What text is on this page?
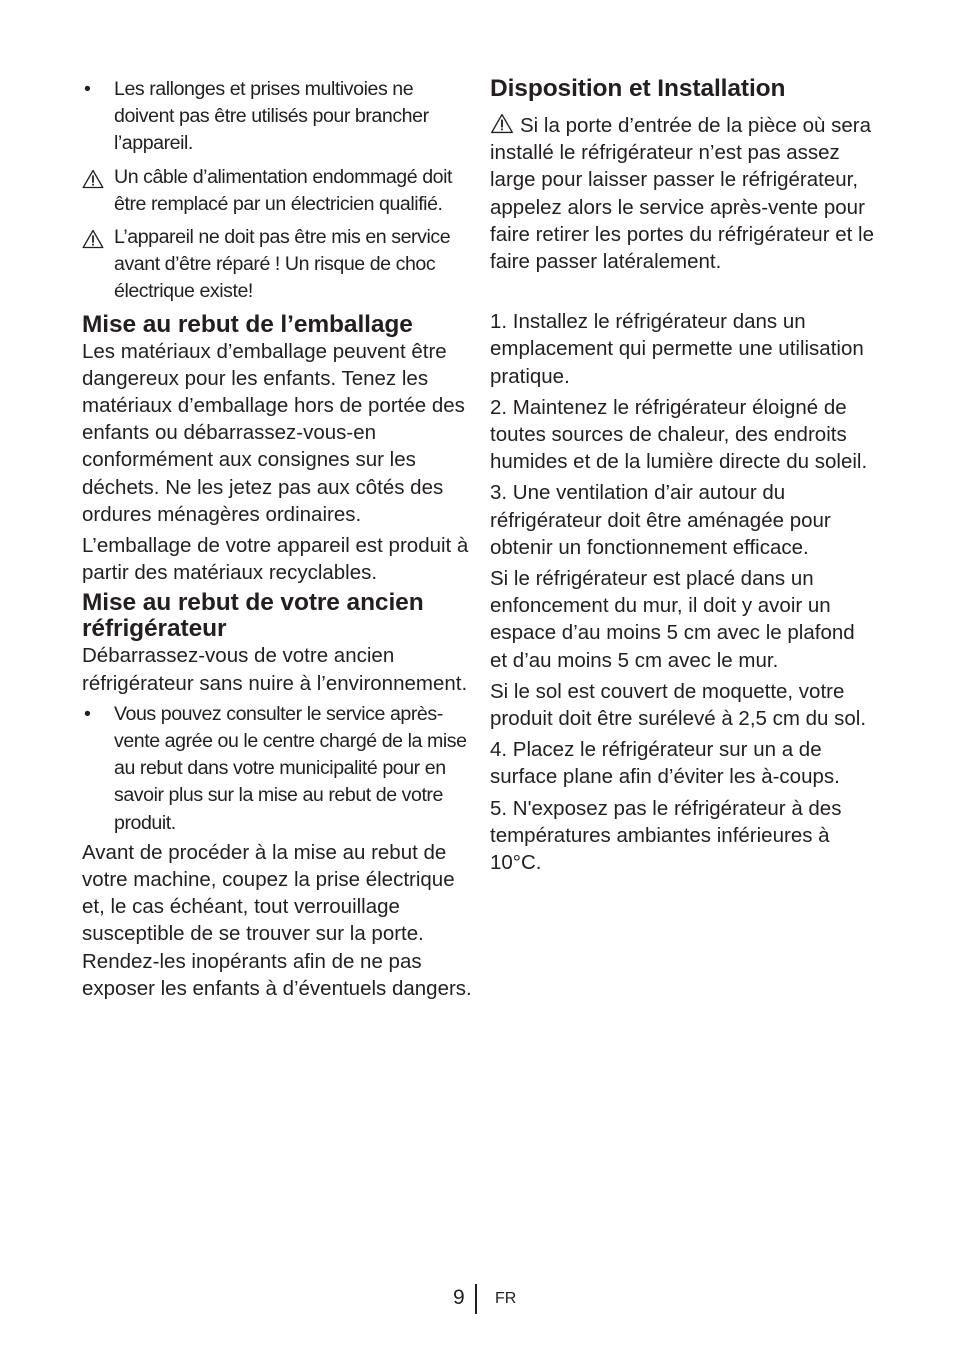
• Les rallonges et prises multivoies ne doivent pas être utilisés pour brancher l’appareil.
Un câble d’alimentation endommagé doit être remplacé par un électricien qualifié.
L’appareil ne doit pas être mis en service avant d’être réparé ! Un risque de choc électrique existe!
Mise au rebut de l’emballage

Les matériaux d’emballage peuvent être dangereux pour les enfants. Tenez les matériaux d’emballage hors de portée des enfants ou débarrassez-vous-en conformément aux consignes sur les déchets. Ne les jetez pas aux côtés des ordures ménagères ordinaires.

L’emballage de votre appareil est produit à partir des matériaux recyclables.

Mise au rebut de votre ancien réfrigérateur

Débarrassez-vous de votre ancien réfrigérateur sans nuire à l’environnement.

• Vous pouvez consulter le service après-vente agrée ou le centre chargé de la mise au rebut dans votre municipalité pour en savoir plus sur la mise au rebut de votre produit.

Avant de procéder à la mise au rebut de votre machine, coupez la prise électrique et, le cas échéant, tout verrouillage susceptible de se trouver sur la porte. Rendez-les inopérants afin de ne pas exposer les enfants à d’éventuels dangers.

Disposition et Installation

Si la porte d’entrée de la pièce où sera installé le réfrigérateur n’est pas assez large pour laisser passer le réfrigérateur, appelez alors le service après-vente pour faire retirer les portes du réfrigérateur et le faire passer latéralement.

1. Installez le réfrigérateur dans un emplacement qui permette une utilisation pratique.

2. Maintenez le réfrigérateur éloigné de toutes sources de chaleur, des endroits humides et de la lumière directe du soleil.

3. Une ventilation d’air autour du réfrigérateur doit être aménagée pour obtenir un fonctionnement efficace.

Si le réfrigérateur est placé dans un enfoncement du mur, il doit y avoir un espace d’au moins 5 cm avec le plafond et d’au moins 5 cm avec le mur.

Si le sol est couvert de moquette, votre produit doit être surélevé à 2,5 cm du sol.

4. Placez le réfrigérateur sur un a de surface plane afin d’éviter les à-coups.

5. N'exposez pas le réfrigérateur à des températures ambiantes inférieures à 10°C.

9 FR
